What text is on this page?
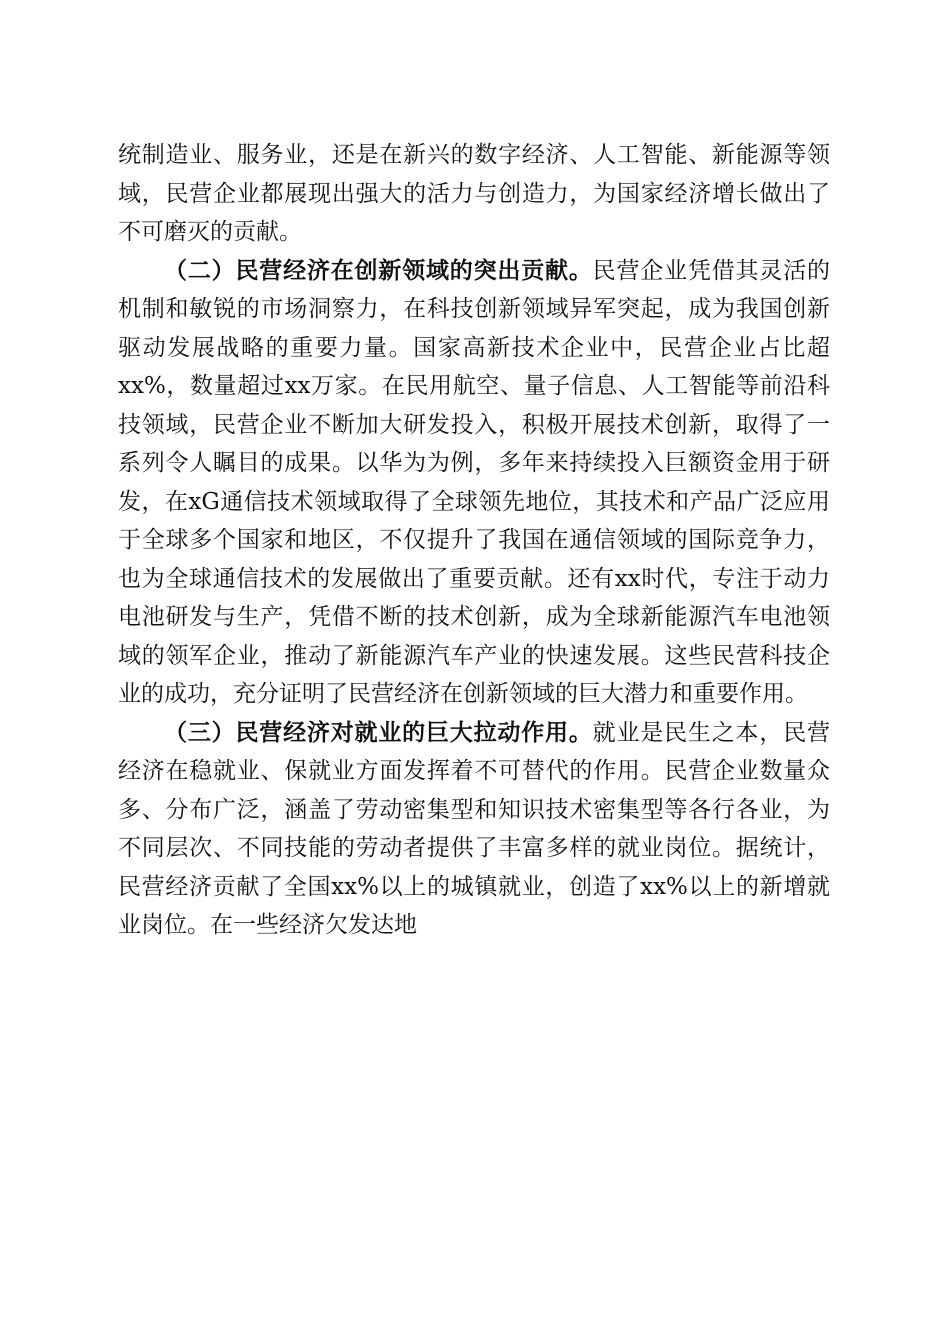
统制造业、服务业，还是在新兴的数字经济、人工智能、新能源等领域，民营企业都展现出强大的活力与创造力，为国家经济增长做出了不可磨灭的贡献。

（二）民营经济在创新领域的突出贡献。民营企业凭借其灵活的机制和敏锐的市场洞察力，在科技创新领域异军突起，成为我国创新驱动发展战略的重要力量。国家高新技术企业中，民营企业占比超xx%，数量超过xx万家。在民用航空、量子信息、人工智能等前沿科技领域，民营企业不断加大研发投入，积极开展技术创新，取得了一系列令人瞩目的成果。以华为为例，多年来持续投入巨额资金用于研发，在xG通信技术领域取得了全球领先地位，其技术和产品广泛应用于全球多个国家和地区，不仅提升了我国在通信领域的国际竞争力，也为全球通信技术的发展做出了重要贡献。还有xx时代，专注于动力电池研发与生产，凭借不断的技术创新，成为全球新能源汽车电池领域的领军企业，推动了新能源汽车产业的快速发展。这些民营科技企业的成功，充分证明了民营经济在创新领域的巨大潜力和重要作用。

（三）民营经济对就业的巨大拉动作用。就业是民生之本，民营经济在稳就业、保就业方面发挥着不可替代的作用。民营企业数量众多、分布广泛，涵盖了劳动密集型和知识技术密集型等各行各业，为不同层次、不同技能的劳动者提供了丰富多样的就业岗位。据统计，民营经济贡献了全国xx%以上的城镇就业，创造了xx%以上的新增就业岗位。在一些经济欠发达地
